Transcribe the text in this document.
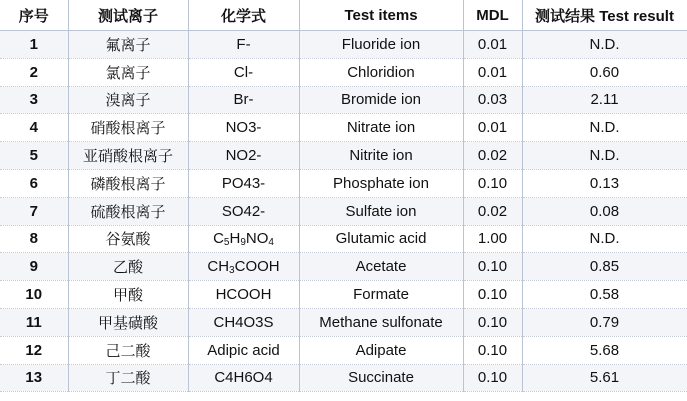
序号	测试离子	化学式	Test items	MDL	测试结果 Test result
1	氟离子	F-	Fluoride ion	0.01	N.D.
2	氯离子	Cl-	Chloridion	0.01	0.60
3	溴离子	Br-	Bromide ion	0.03	2.11
4	硝酸根离子	NO3-	Nitrate ion	0.01	N.D.
5	亚硝酸根离子	NO2-	Nitrite ion	0.02	N.D.
6	磷酸根离子	PO43-	Phosphate ion	0.10	0.13
7	硫酸根离子	SO42-	Sulfate ion	0.02	0.08
8	谷氨酸	$C_5H_9NO_4$	Glutamic acid	1.00	N.D.
9	乙酸	$CH_3COOH$	Acetate	0.10	0.85
10	甲酸	HCOOH	Formate	0.10	0.58
11	甲基磺酸	CH4O3S	Methane sulfonate	0.10	0.79
12	己二酸	Adipic acid	Adipate	0.10	5.68
13	丁二酸	C4H6O4	Succinate	0.10	5.61
